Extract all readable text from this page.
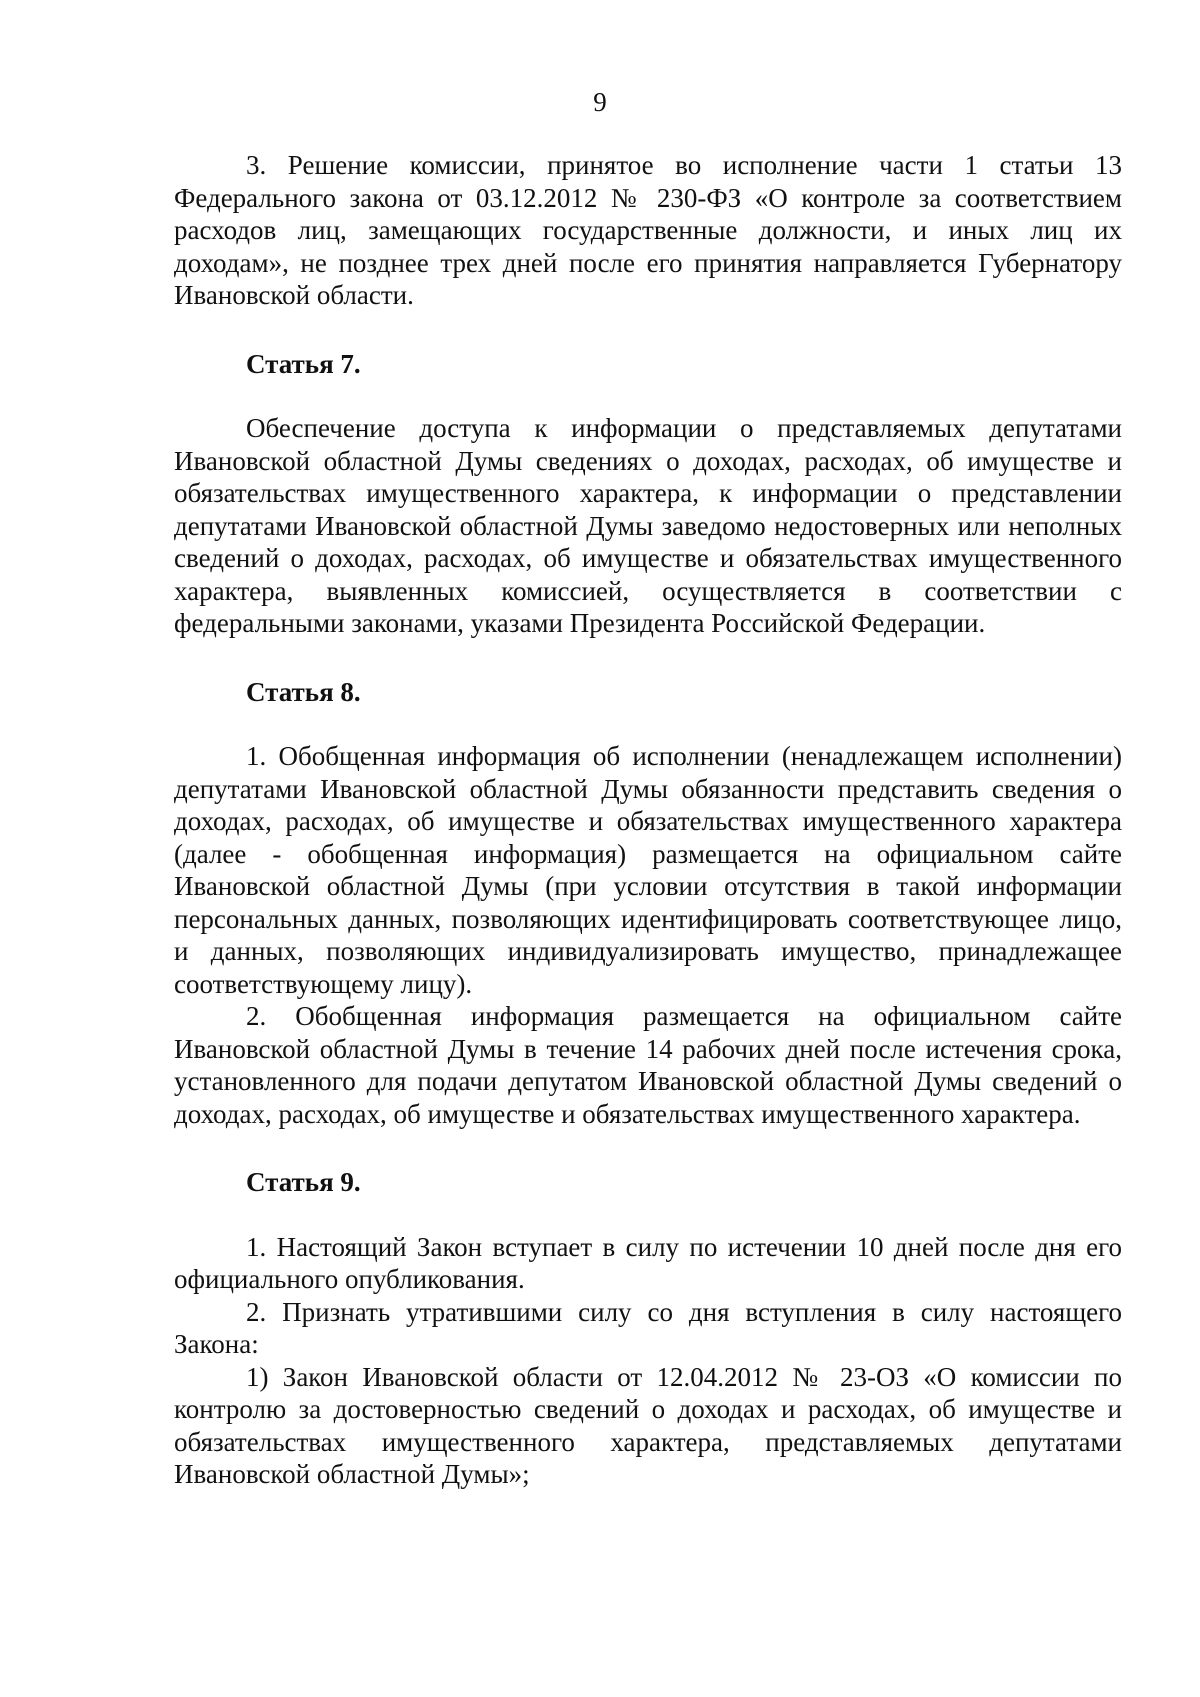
9

3. Решение комиссии, принятое во исполнение части 1 статьи 13 Федерального закона от 03.12.2012 № 230-ФЗ «О контроле за соответствием расходов лиц, замещающих государственные должности, и иных лиц их доходам», не позднее трех дней после его принятия направляется Губернатору Ивановской области.

Статья 7.

Обеспечение доступа к информации о представляемых депутатами Ивановской областной Думы сведениях о доходах, расходах, об имуществе и обязательствах имущественного характера, к информации о представлении депутатами Ивановской областной Думы заведомо недостоверных или неполных сведений о доходах, расходах, об имуществе и обязательствах имущественного характера, выявленных комиссией, осуществляется в соответствии с федеральными законами, указами Президента Российской Федерации.

Статья 8.

1. Обобщенная информация об исполнении (ненадлежащем исполнении) депутатами Ивановской областной Думы обязанности представить сведения о доходах, расходах, об имуществе и обязательствах имущественного характера (далее - обобщенная информация) размещается на официальном сайте Ивановской областной Думы (при условии отсутствия в такой информации персональных данных, позволяющих идентифицировать соответствующее лицо, и данных, позволяющих индивидуализировать имущество, принадлежащее соответствующему лицу).

2. Обобщенная информация размещается на официальном сайте Ивановской областной Думы в течение 14 рабочих дней после истечения срока, установленного для подачи депутатом Ивановской областной Думы сведений о доходах, расходах, об имуществе и обязательствах имущественного характера.

Статья 9.

1. Настоящий Закон вступает в силу по истечении 10 дней после дня его официального опубликования.

2. Признать утратившими силу со дня вступления в силу настоящего Закона:

1) Закон Ивановской области от 12.04.2012 № 23-ОЗ «О комиссии по контролю за достоверностью сведений о доходах и расходах, об имуществе и обязательствах имущественного характера, представляемых депутатами Ивановской областной Думы»;
